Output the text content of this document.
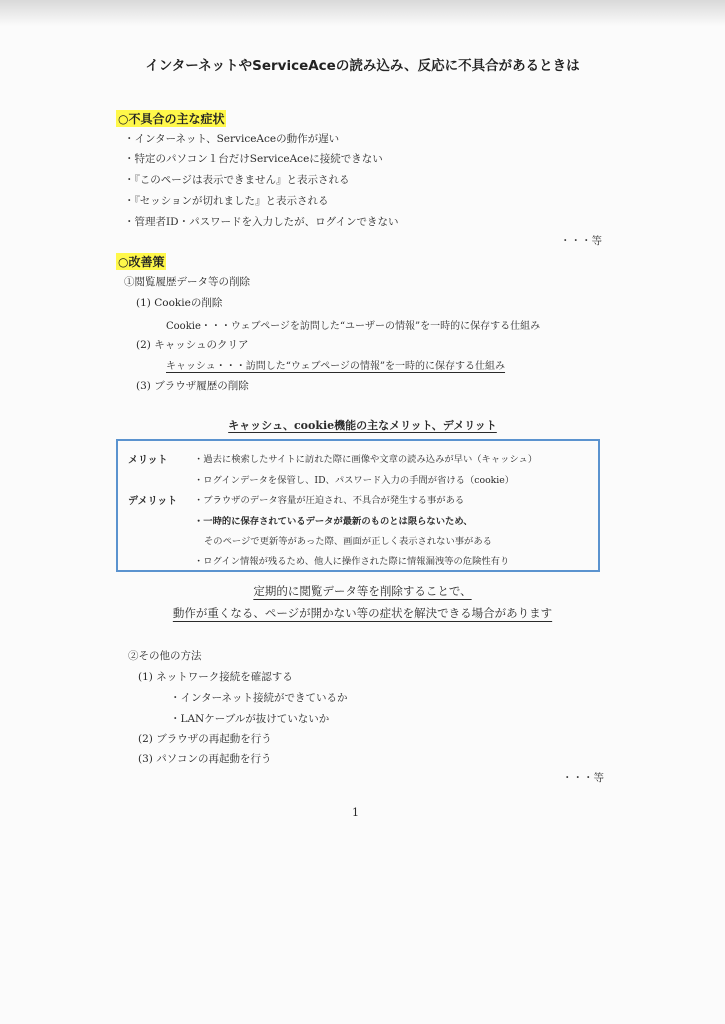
インターネットやServiceAceの読み込み、反応に不具合があるときは
○不具合の主な症状
・インターネット、ServiceAceの動作が遅い
・特定のパソコン１台だけServiceAceに接続できない
・『このページは表示できません』と表示される
・『セッションが切れました』と表示される
・管理者ID・パスワードを入力したが、ログインできない
・・・等
○改善策
①閲覧履歴データ等の削除
(1) Cookieの削除
Cookie・・・ウェブページを訪問した“ユーザーの情報”を一時的に保存する仕組み
(2) キャッシュのクリア
キャッシュ・・・訪問した“ウェブページの情報”を一時的に保存する仕組み
(3) ブラウザ履歴の削除
キャッシュ、cookie機能の主なメリット、デメリット
メリット	・過去に検索したサイトに訪れた際に画像や文章の読み込みが早い（キャッシュ）
・ログインデータを保管し、ID、パスワード入力の手間が省ける（cookie）
デメリット ・ブラウザのデータ容量が圧迫され、不具合が発生する事がある
・一時的に保存されているデータが最新のものとは限らないため、
そのページで更新等があった際、画面が正しく表示されない事がある
・ログイン情報が残るため、他人に操作された際に情報漏洩等の危険性有り
定期的に閲覧データ等を削除することで、
動作が重くなる、ページが開かない等の症状を解決できる場合があります
②その他の方法
(1) ネットワーク接続を確認する
・インターネット接続ができているか
・LANケーブルが抜けていないか
(2) ブラウザの再起動を行う
(3) パソコンの再起動を行う
・・・等
1
